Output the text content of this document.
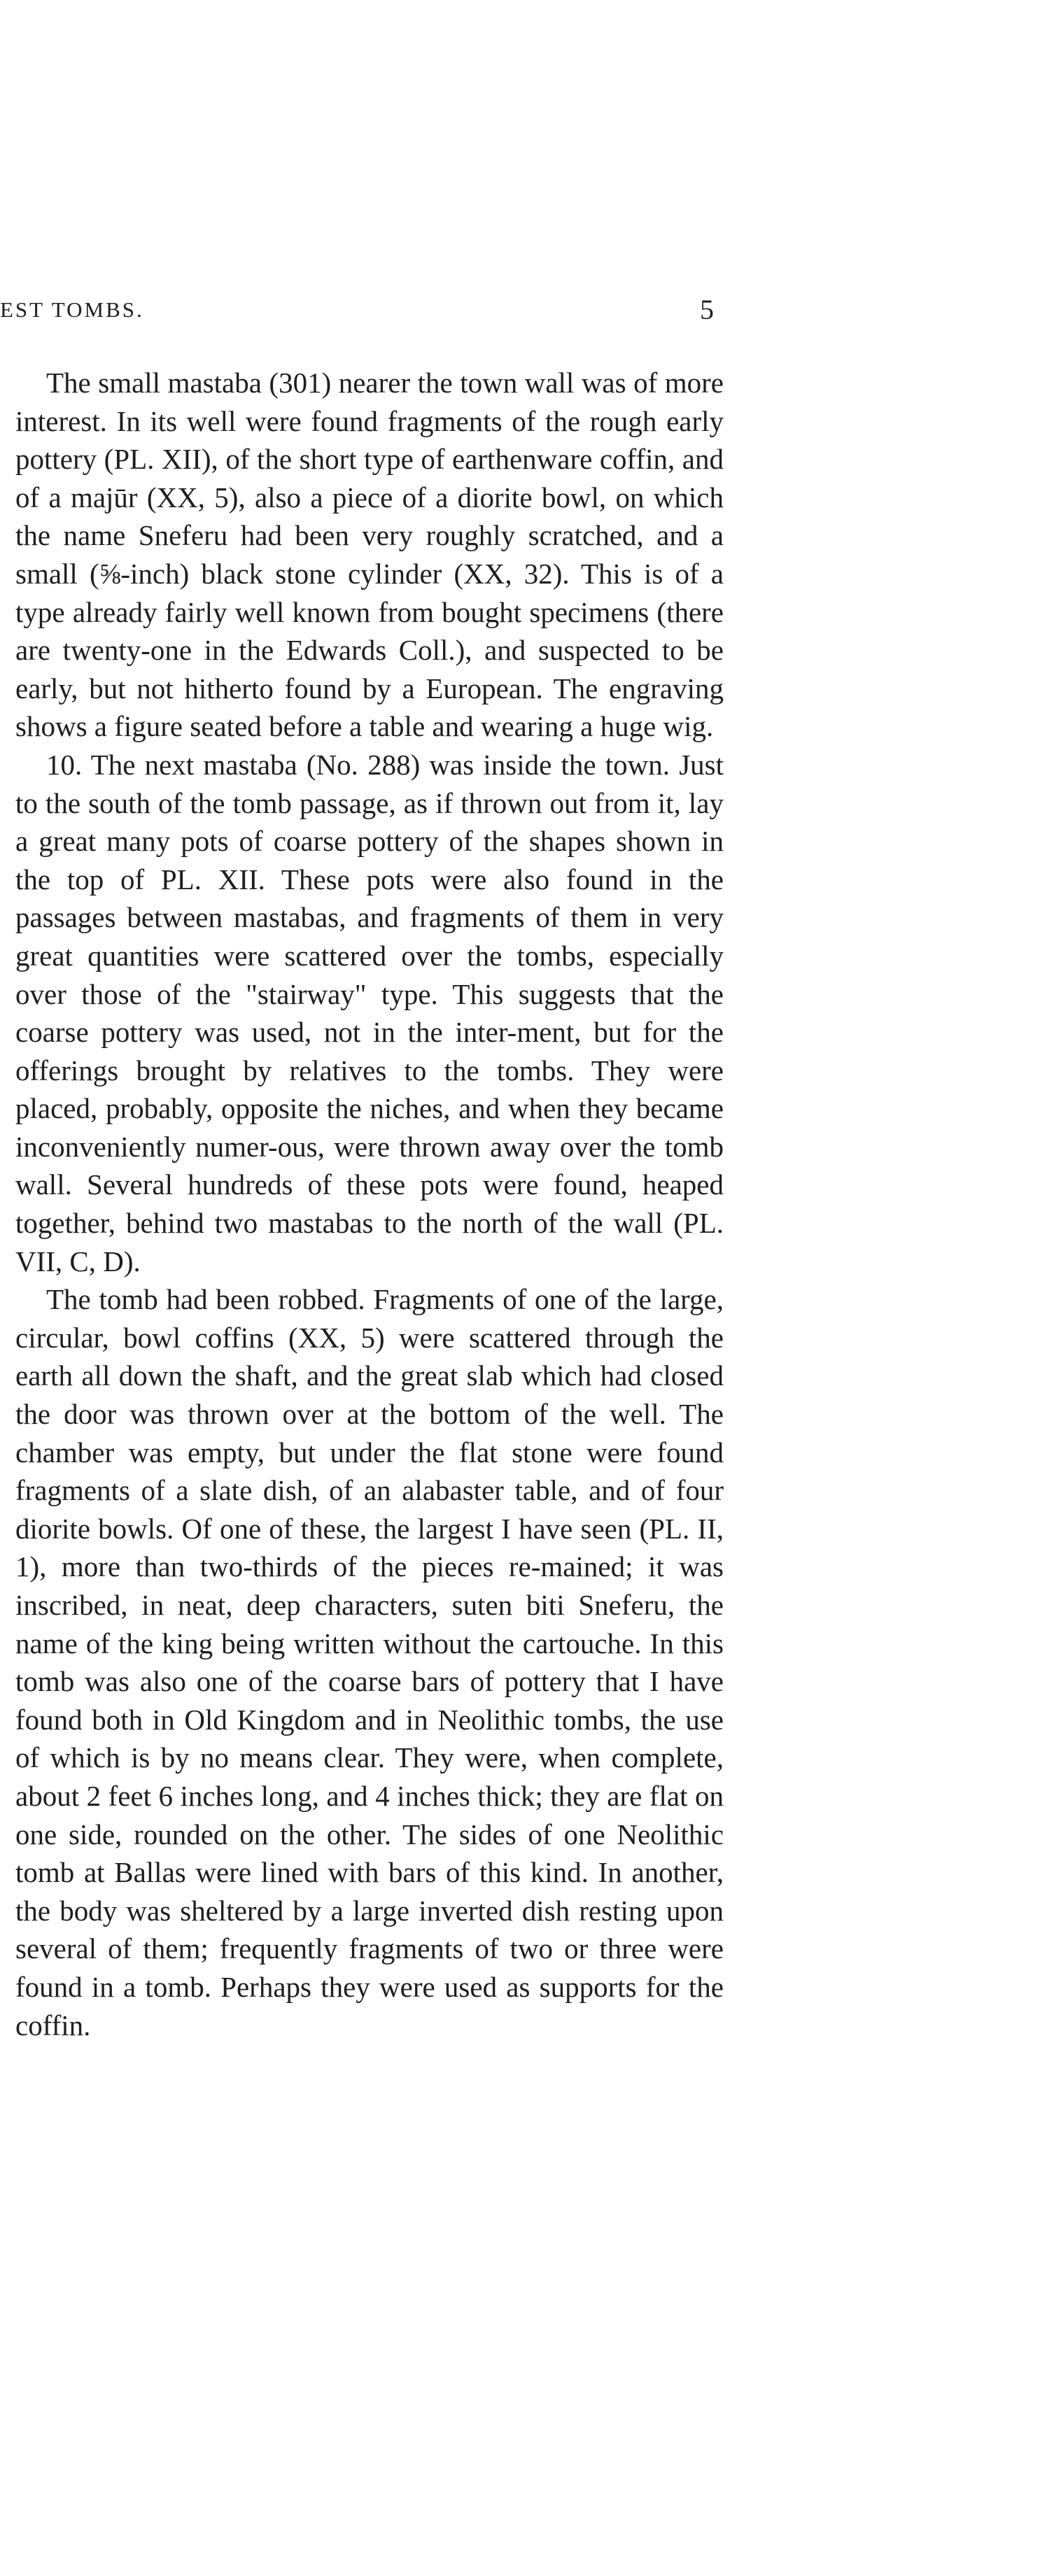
EST TOMBS.	5

The small mastaba (301) nearer the town wall was of more interest. In its well were found fragments of the rough early pottery (PL. XII), of the short type of earthenware coffin, and of a majūr (XX, 5), also a piece of a diorite bowl, on which the name Sneferu had been very roughly scratched, and a small (⅝-inch) black stone cylinder (XX, 32). This is of a type already fairly well known from bought specimens (there are twenty-one in the Edwards Coll.), and suspected to be early, but not hitherto found by a European. The engraving shows a figure seated before a table and wearing a huge wig.

10. The next mastaba (No. 288) was inside the town. Just to the south of the tomb passage, as if thrown out from it, lay a great many pots of coarse pottery of the shapes shown in the top of PL. XII. These pots were also found in the passages between mastabas, and fragments of them in very great quantities were scattered over the tombs, especially over those of the "stairway" type. This suggests that the coarse pottery was used, not in the inter-ment, but for the offerings brought by relatives to the tombs. They were placed, probably, opposite the niches, and when they became inconveniently numer-ous, were thrown away over the tomb wall. Several hundreds of these pots were found, heaped together, behind two mastabas to the north of the wall (PL. VII, C, D).

The tomb had been robbed. Fragments of one of the large, circular, bowl coffins (XX, 5) were scattered through the earth all down the shaft, and the great slab which had closed the door was thrown over at the bottom of the well. The chamber was empty, but under the flat stone were found fragments of a slate dish, of an alabaster table, and of four diorite bowls. Of one of these, the largest I have seen (PL. II, 1), more than two-thirds of the pieces re-mained; it was inscribed, in neat, deep characters, suten biti Sneferu, the name of the king being written without the cartouche. In this tomb was also one of the coarse bars of pottery that I have found both in Old Kingdom and in Neolithic tombs, the use of which is by no means clear. They were, when complete, about 2 feet 6 inches long, and 4 inches thick; they are flat on one side, rounded on the other. The sides of one Neolithic tomb at Ballas were lined with bars of this kind. In another, the body was sheltered by a large inverted dish resting upon several of them; frequently fragments of two or three were found in a tomb. Perhaps they were used as supports for the coffin.
